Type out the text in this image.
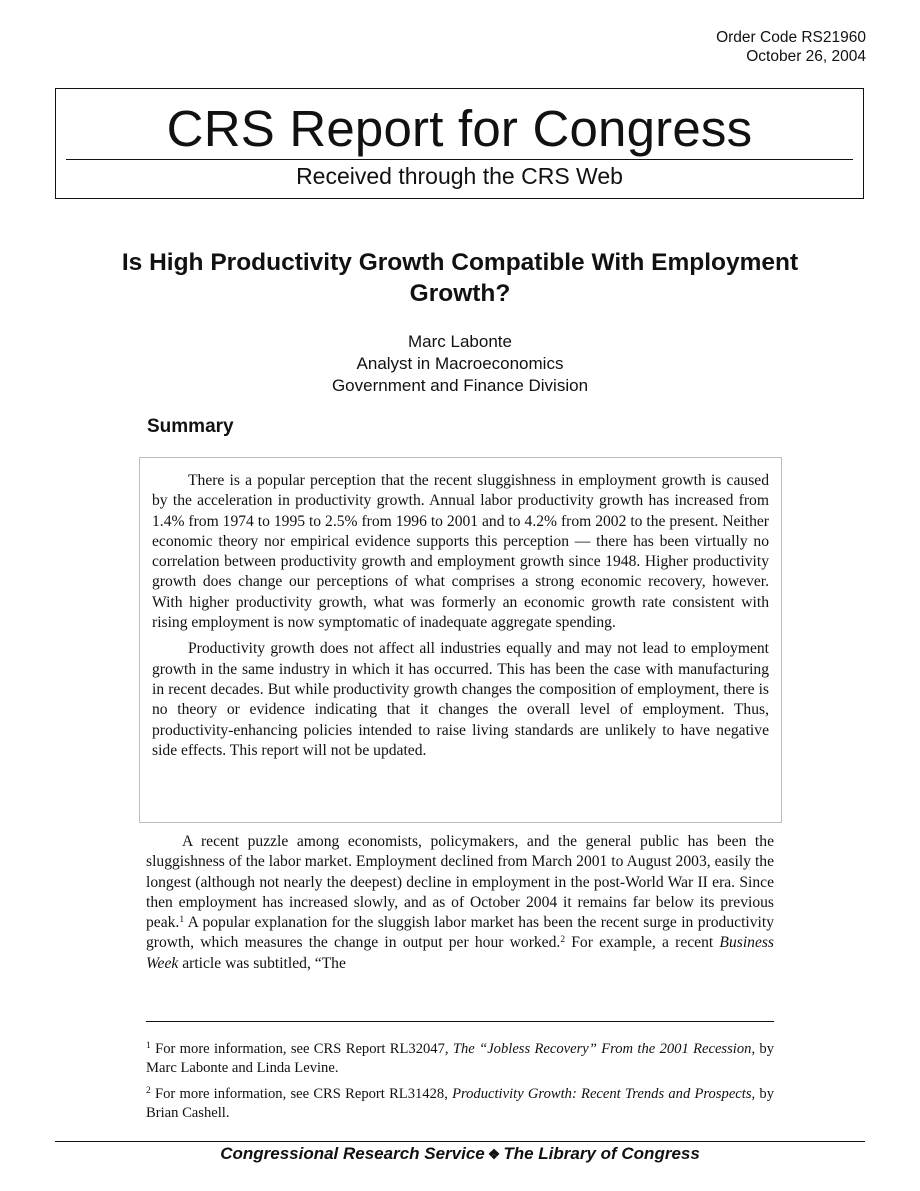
Order Code RS21960
October 26, 2004
CRS Report for Congress
Received through the CRS Web
Is High Productivity Growth Compatible With Employment Growth?
Marc Labonte
Analyst in Macroeconomics
Government and Finance Division
Summary

There is a popular perception that the recent sluggishness in employment growth is caused by the acceleration in productivity growth. Annual labor productivity growth has increased from 1.4% from 1974 to 1995 to 2.5% from 1996 to 2001 and to 4.2% from 2002 to the present. Neither economic theory nor empirical evidence supports this perception — there has been virtually no correlation between productivity growth and employment growth since 1948. Higher productivity growth does change our perceptions of what comprises a strong economic recovery, however. With higher productivity growth, what was formerly an economic growth rate consistent with rising employment is now symptomatic of inadequate aggregate spending.

Productivity growth does not affect all industries equally and may not lead to employment growth in the same industry in which it has occurred. This has been the case with manufacturing in recent decades. But while productivity growth changes the composition of employment, there is no theory or evidence indicating that it changes the overall level of employment. Thus, productivity-enhancing policies intended to raise living standards are unlikely to have negative side effects. This report will not be updated.

A recent puzzle among economists, policymakers, and the general public has been the sluggishness of the labor market. Employment declined from March 2001 to August 2003, easily the longest (although not nearly the deepest) decline in employment in the post-World War II era. Since then employment has increased slowly, and as of October 2004 it remains far below its previous peak.$^1$ A popular explanation for the sluggish labor market has been the recent surge in productivity growth, which measures the change in output per hour worked.$^2$ For example, a recent Business Week article was subtitled, “The

$^1$ For more information, see CRS Report RL32047, The “Jobless Recovery” From the 2001 Recession, by Marc Labonte and Linda Levine.

$^2$ For more information, see CRS Report RL31428, Productivity Growth: Recent Trends and Prospects, by Brian Cashell.

Congressional Research Service ❖ The Library of Congress
